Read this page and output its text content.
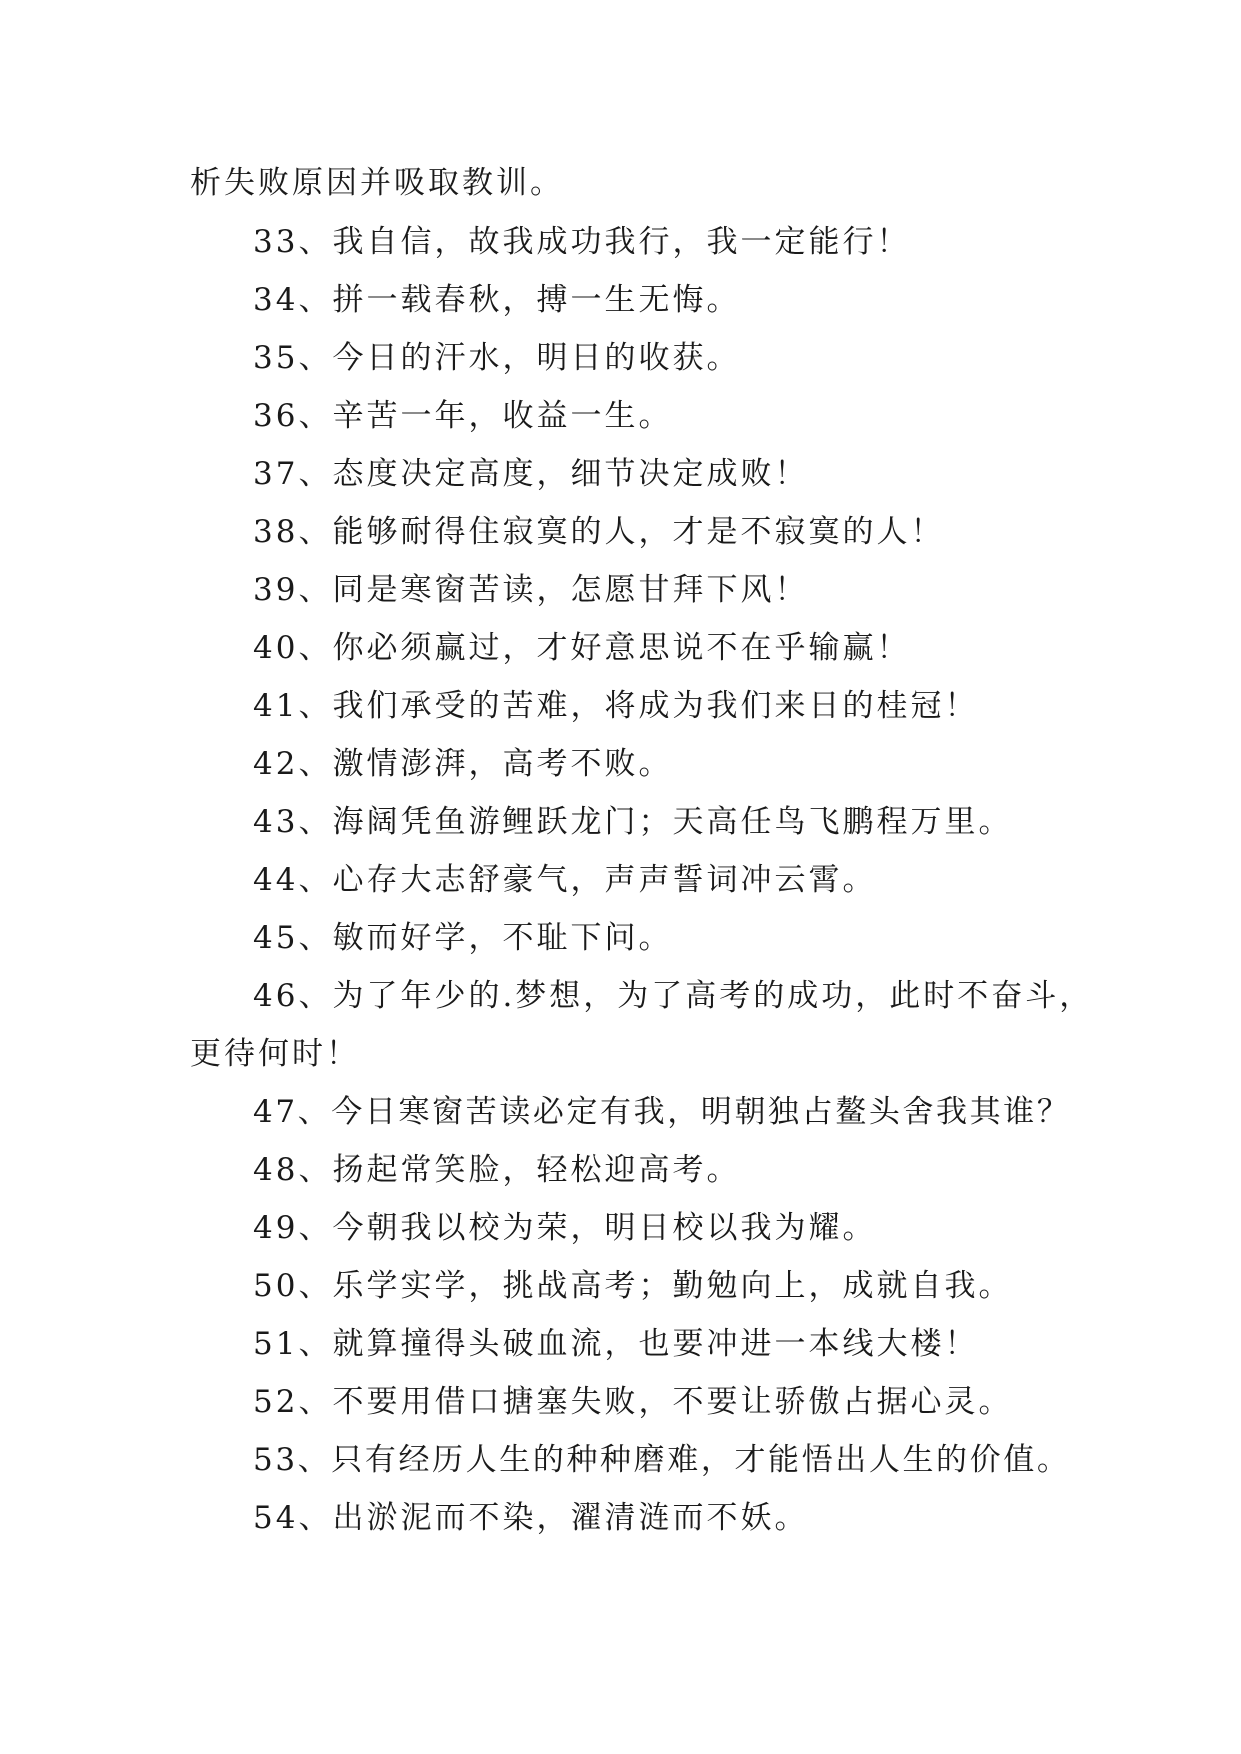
析失败原因并吸取教训。
33、我自信，故我成功我行，我一定能行！
34、拼一载春秋，搏一生无悔。
35、今日的汗水，明日的收获。
36、辛苦一年，收益一生。
37、态度决定高度，细节决定成败！
38、能够耐得住寂寞的人，才是不寂寞的人！
39、同是寒窗苦读，怎愿甘拜下风！
40、你必须赢过，才好意思说不在乎输赢！
41、我们承受的苦难，将成为我们来日的桂冠！
42、激情澎湃，高考不败。
43、海阔凭鱼游鲤跃龙门；天高任鸟飞鹏程万里。
44、心存大志舒豪气，声声誓词冲云霄。
45、敏而好学，不耻下问。
46、为了年少的.梦想，为了高考的成功，此时不奋斗，
更待何时！
47、今日寒窗苦读必定有我，明朝独占鳌头舍我其谁？
48、扬起常笑脸，轻松迎高考。
49、今朝我以校为荣，明日校以我为耀。
50、乐学实学，挑战高考；勤勉向上，成就自我。
51、就算撞得头破血流，也要冲进一本线大楼！
52、不要用借口搪塞失败，不要让骄傲占据心灵。
53、只有经历人生的种种磨难，才能悟出人生的价值。
54、出淤泥而不染，濯清涟而不妖。
